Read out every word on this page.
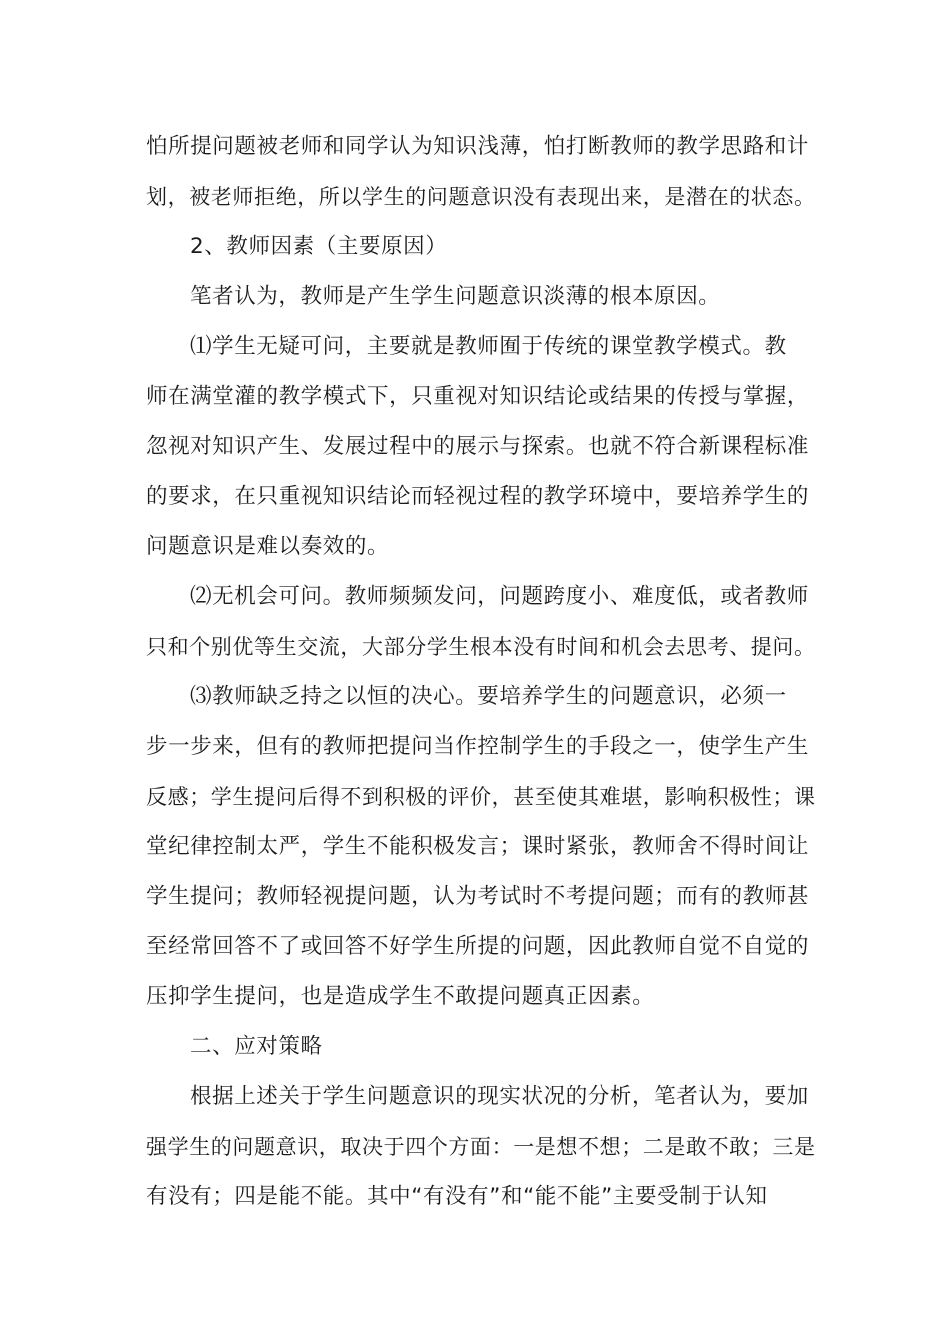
怕所提问题被老师和同学认为知识浅薄，怕打断教师的教学思路和计
划，被老师拒绝，所以学生的问题意识没有表现出来，是潜在的状态。
2、教师因素（主要原因）
笔者认为，教师是产生学生问题意识淡薄的根本原因。
⑴学生无疑可问，主要就是教师囿于传统的课堂教学模式。教
师在满堂灌的教学模式下，只重视对知识结论或结果的传授与掌握，
忽视对知识产生、发展过程中的展示与探索。也就不符合新课程标准
的要求，在只重视知识结论而轻视过程的教学环境中，要培养学生的
问题意识是难以奏效的。
⑵无机会可问。教师频频发问，问题跨度小、难度低，或者教师
只和个别优等生交流，大部分学生根本没有时间和机会去思考、提问。
⑶教师缺乏持之以恒的决心。要培养学生的问题意识，必须一
步一步来，但有的教师把提问当作控制学生的手段之一，使学生产生
反感；学生提问后得不到积极的评价，甚至使其难堪，影响积极性；课
堂纪律控制太严，学生不能积极发言；课时紧张，教师舍不得时间让
学生提问；教师轻视提问题，认为考试时不考提问题；而有的教师甚
至经常回答不了或回答不好学生所提的问题，因此教师自觉不自觉的
压抑学生提问，也是造成学生不敢提问题真正因素。
二、应对策略
根据上述关于学生问题意识的现实状况的分析，笔者认为，要加
强学生的问题意识，取决于四个方面：一是想不想；二是敢不敢；三是
有没有；四是能不能。其中“有没有”和“能不能”主要受制于认知
